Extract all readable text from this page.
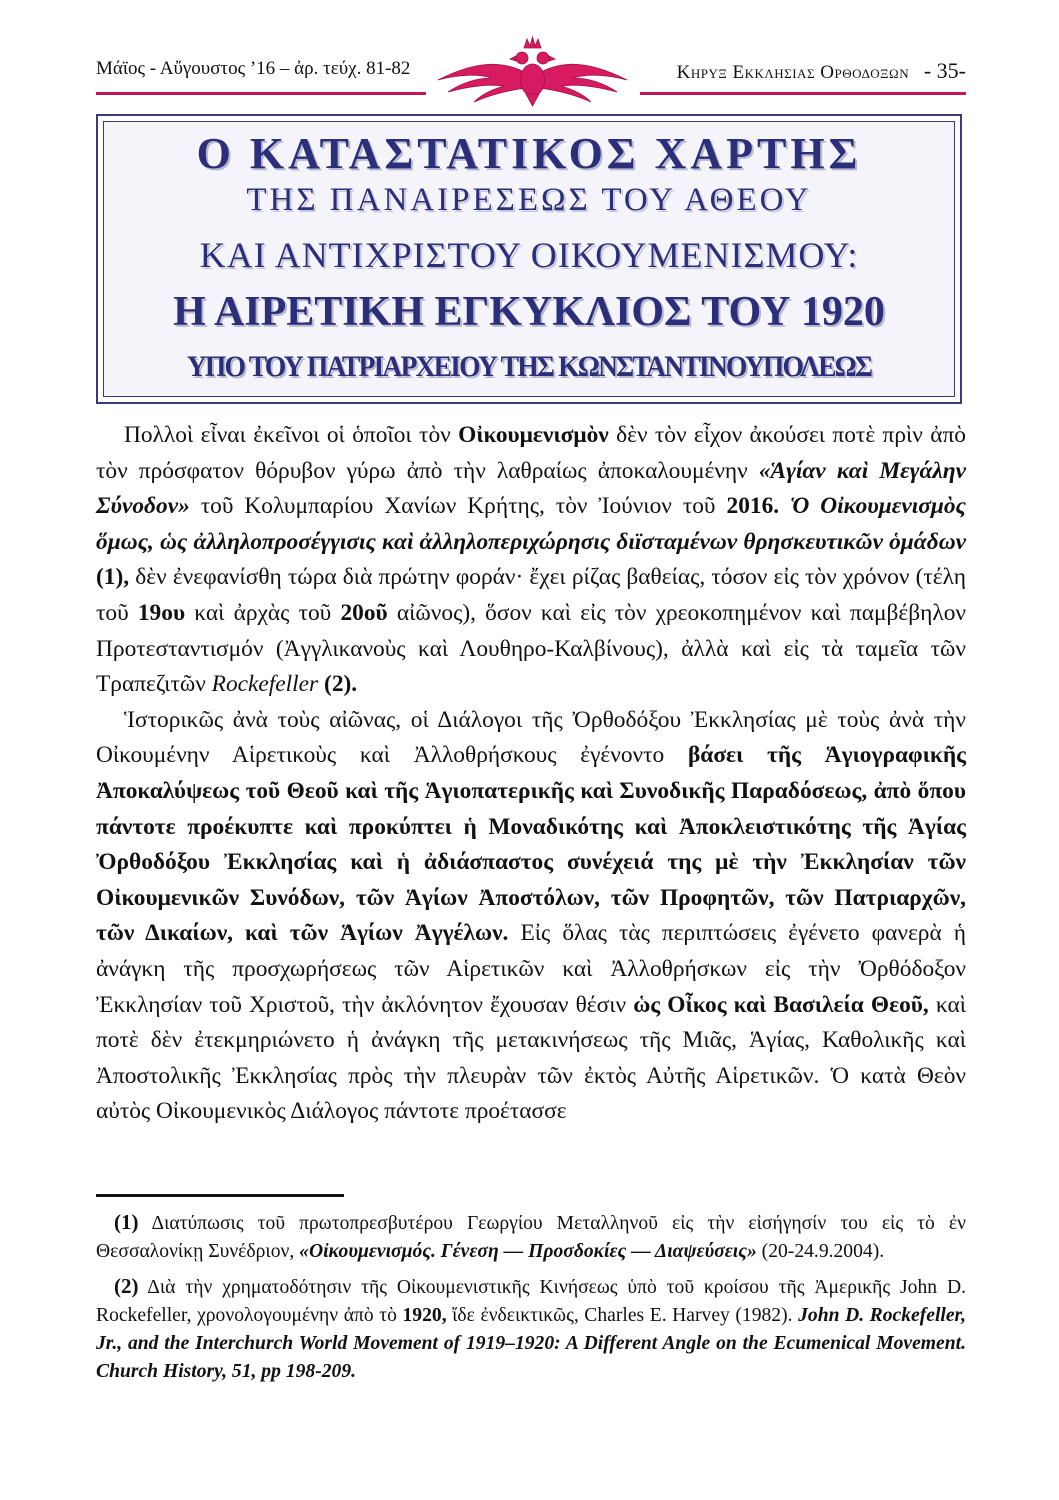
Μάϊος - Αὔγουστος ’16 – ἀρ. τεύχ. 81-82	Κηρυξ Εκκλησιας Ορθοδοξων - 35-
Ο ΚΑΤΑΣΤΑΤΙΚΟΣ ΧΑΡΤΗΣ
ΤΗΣ ΠΑΝΑΙΡΕΣΕΩΣ ΤΟΥ ΑΘΕΟΥ
ΚΑΙ ΑΝΤΙΧΡΙΣΤΟΥ ΟΙΚΟΥΜΕΝΙΣΜΟΥ:
Η ΑΙΡΕΤΙΚΗ ΕΓΚΥΚΛΙΟΣ ΤΟΥ 1920
ΥΠΟ ΤΟΥ ΠΑΤΡΙΑΡΧΕΙΟΥ ΤΗΣ ΚΩΝΣΤΑΝΤΙΝΟΥΠΟΛΕΩΣ

Πολλοὶ εἶναι ἐκεῖνοι οἱ ὁποῖοι τὸν Οἰκουμενισμὸν δὲν τὸν εἶχον ἀκούσει ποτὲ πρὶν ἀπὸ τὸν πρόσφατον θόρυβον γύρω ἀπὸ τὴν λαθραίως ἀποκαλουμένην «Ἁγίαν καὶ Μεγάλην Σύνοδον» τοῦ Κολυμπαρίου Χανίων Κρήτης, τὸν Ἰούνιον τοῦ 2016. Ὁ Οἰκουμενισμὸς ὅμως, ὡς ἀλληλοπροσέγγισις καὶ ἀλληλοπεριχώρησις διϊσταμένων θρησκευτικῶν ὁμάδων (1), δὲν ἐνεφανίσθη τώρα διὰ πρώτην φοράν· ἔχει ρίζας βαθείας, τόσον εἰς τὸν χρόνον (τέλη τοῦ 19ου καὶ ἀρχὰς τοῦ 20οῦ αἰῶνος), ὅσον καὶ εἰς τὸν χρεοκοπημένον καὶ παμβέβηλον Προτεσταντισμόν (Ἀγγλικανοὺς καὶ Λουθηρο-Καλβίνους), ἀλλὰ καὶ εἰς τὰ ταμεῖα τῶν Τραπεζιτῶν Rockefeller (2).

Ἱστορικῶς ἀνὰ τοὺς αἰῶνας, οἱ Διάλογοι τῆς Ὀρθοδόξου Ἐκκλησίας μὲ τοὺς ἀνὰ τὴν Οἰκουμένην Αἱρετικοὺς καὶ Ἀλλοθρήσκους ἐγένοντο βάσει τῆς Ἁγιογραφικῆς Ἀποκαλύψεως τοῦ Θεοῦ καὶ τῆς Ἁγιοπατερικῆς καὶ Συνοδικῆς Παραδόσεως, ἀπὸ ὅπου πάντοτε προέκυπτε καὶ προκύπτει ἡ Μοναδικότης καὶ Ἀποκλειστικότης τῆς Ἁγίας Ὀρθοδόξου Ἐκκλησίας καὶ ἡ ἀδιάσπαστος συνέχειά της μὲ τὴν Ἐκκλησίαν τῶν Οἰκουμενικῶν Συνόδων, τῶν Ἁγίων Ἀποστόλων, τῶν Προφητῶν, τῶν Πατριαρχῶν, τῶν Δικαίων, καὶ τῶν Ἁγίων Ἀγγέλων. Εἰς ὅλας τὰς περιπτώσεις ἐγένετο φανερὰ ἡ ἀνάγκη τῆς προσχωρήσεως τῶν Αἱρετικῶν καὶ Ἀλλοθρήσκων εἰς τὴν Ὀρθόδοξον Ἐκκλησίαν τοῦ Χριστοῦ, τὴν ἀκλόνητον ἔχουσαν θέσιν ὡς Οἶκος καὶ Βασιλεία Θεοῦ, καὶ ποτὲ δὲν ἐτεκμηριώνετο ἡ ἀνάγκη τῆς μετακινήσεως τῆς Μιᾶς, Ἁγίας, Καθολικῆς καὶ Ἀποστολικῆς Ἐκκλησίας πρὸς τὴν πλευρὰν τῶν ἐκτὸς Αὐτῆς Αἱρετικῶν. Ὁ κατὰ Θεὸν αὐτὸς Οἰκουμενικὸς Διάλογος πάντοτε προέτασσε

(1) Διατύπωσις τοῦ πρωτοπρεσβυτέρου Γεωργίου Μεταλληνοῦ εἰς τὴν εἰσήγησίν του εἰς τὸ ἐν Θεσσαλονίκῃ Συνέδριον, «Οἰκουμενισμός. Γένεση — Προσδοκίες — Διαψεύσεις» (20-24.9.2004).

(2) Διὰ τὴν χρηματοδότησιν τῆς Οἰκουμενιστικῆς Κινήσεως ὑπὸ τοῦ κροίσου τῆς Ἀμερικῆς John D. Rockefeller, χρονολογουμένην ἀπὸ τὸ 1920, ἴδε ἐνδεικτικῶς, Charles E. Harvey (1982). John D. Rockefeller, Jr., and the Interchurch World Movement of 1919–1920: A Different Angle on the Ecumenical Movement. Church History, 51, pp 198-209.
